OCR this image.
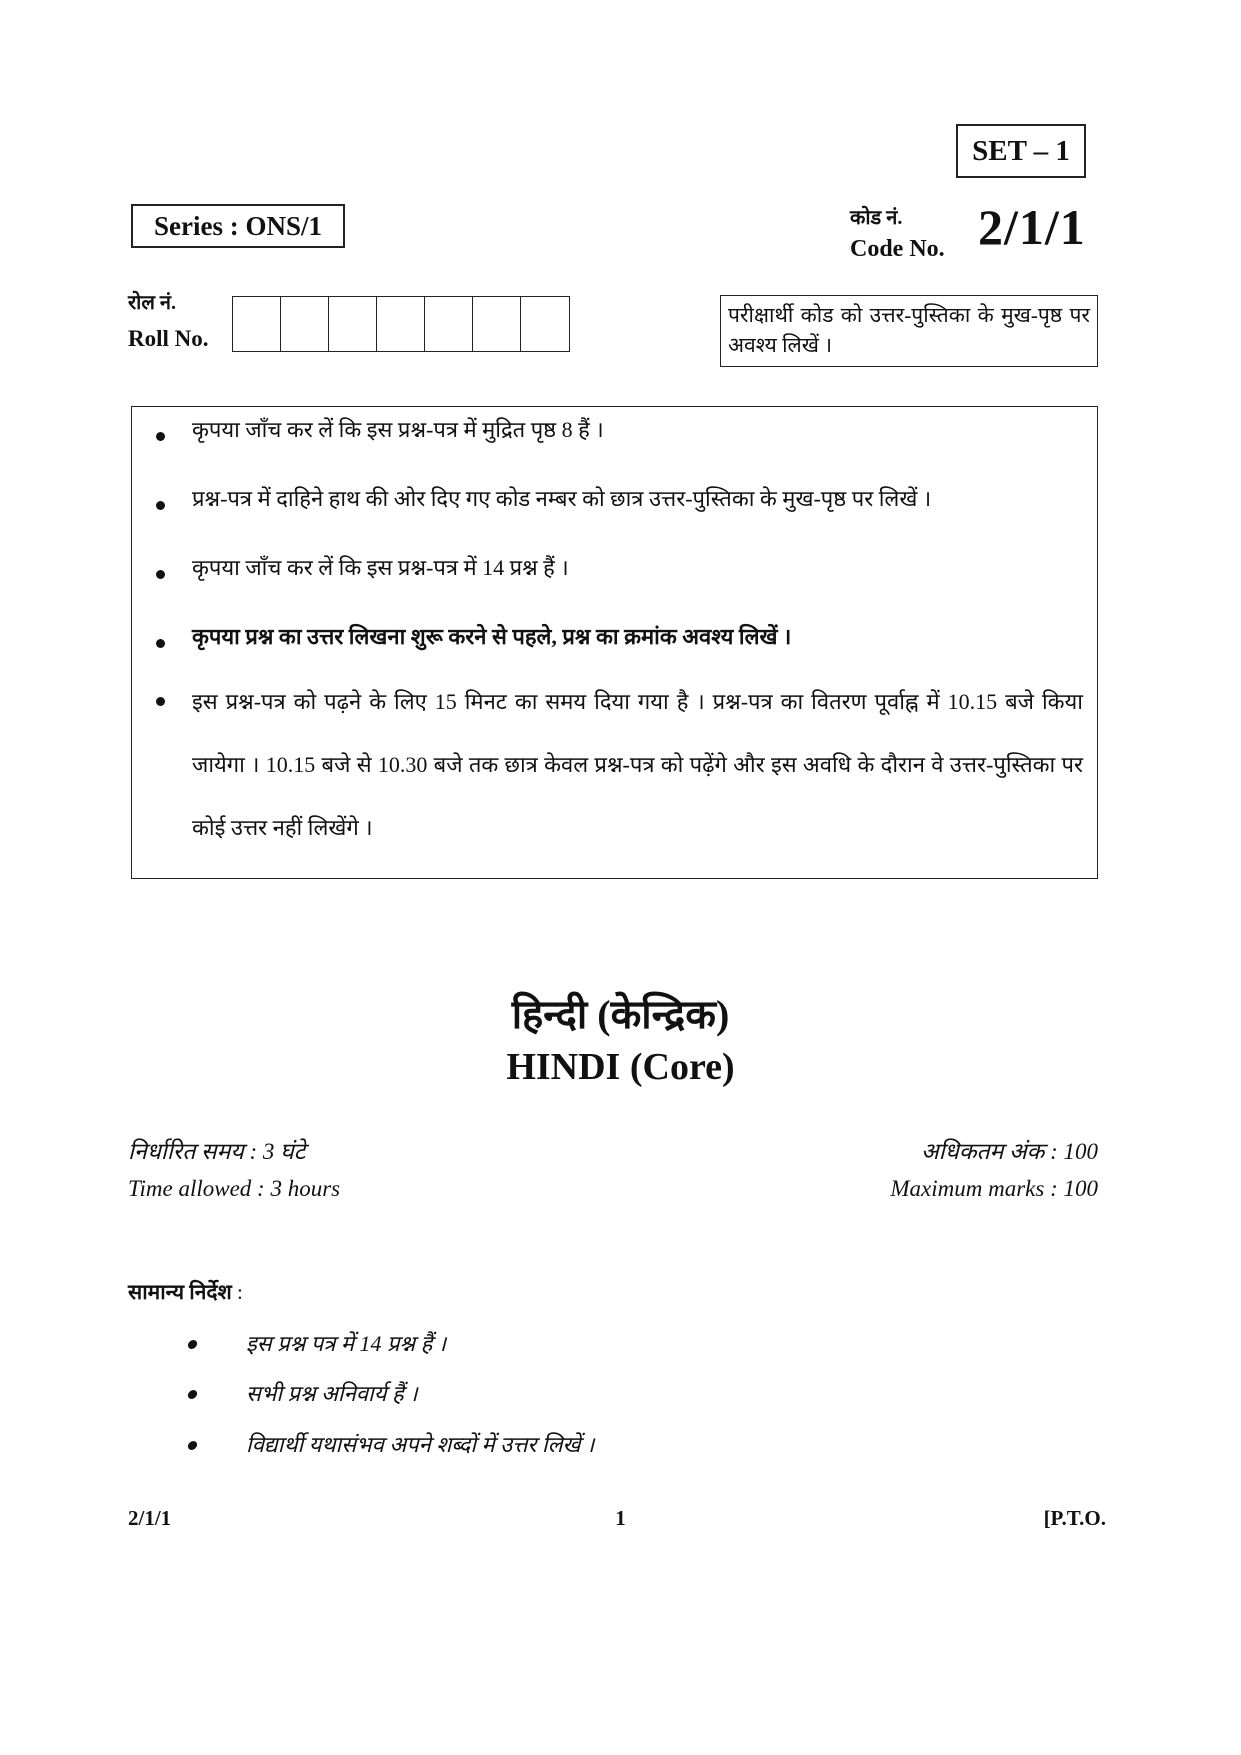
SET – 1
Series : ONS/1	कोड नं.
Code No. 2/1/1
रोल नं.
Roll No.
परीक्षार्थी कोड को उत्तर-पुस्तिका के मुख-पृष्ठ पर अवश्य लिखें ।
कृपया जाँच कर लें कि इस प्रश्न-पत्र में मुद्रित पृष्ठ 8 हैं ।
प्रश्न-पत्र में दाहिने हाथ की ओर दिए गए कोड नम्बर को छात्र उत्तर-पुस्तिका के मुख-पृष्ठ पर लिखें ।
कृपया जाँच कर लें कि इस प्रश्न-पत्र में 14 प्रश्न हैं ।
कृपया प्रश्न का उत्तर लिखना शुरू करने से पहले, प्रश्न का क्रमांक अवश्य लिखें ।
इस प्रश्न-पत्र को पढ़ने के लिए 15 मिनट का समय दिया गया है । प्रश्न-पत्र का वितरण पूर्वाह्न में 10.15 बजे किया जायेगा । 10.15 बजे से 10.30 बजे तक छात्र केवल प्रश्न-पत्र को पढ़ेंगे और इस अवधि के दौरान वे उत्तर-पुस्तिका पर कोई उत्तर नहीं लिखेंगे ।
हिन्दी (केन्द्रिक)
HINDI (Core)
निर्धारित समय : 3 घंटे
Time allowed : 3 hours
अधिकतम अंक : 100
Maximum marks : 100
सामान्य निर्देश :
इस प्रश्न पत्र में 14 प्रश्न हैं ।
सभी प्रश्न अनिवार्य हैं ।
विद्यार्थी यथासंभव अपने शब्दों में उत्तर लिखें ।
2/1/1	1	[P.T.O.
